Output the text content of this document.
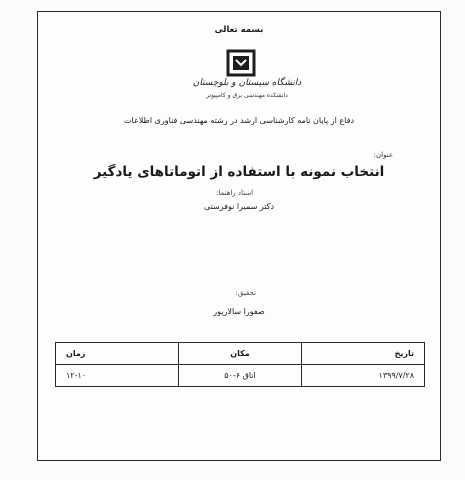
بسمه تعالی
دانشگاه سیستان و بلوچستان
دانشکده مهندسی برق و کامپیوتر
دفاع از پایان نامه کارشناسی ارشد در رشته مهندسی فناوری اطلاعات
عنوان:
انتخاب نمونه با استفاده از اتوماتاهای یادگیر
استاد راهنما:
دکتر سمیرا نوفرستی
تحقیق:
صفورا سالارپور
تاریخ	مکان	زمان
۱۳۹۹/۷/۲۸	اتاق ۶-۵۰	۱۲-۱۰
